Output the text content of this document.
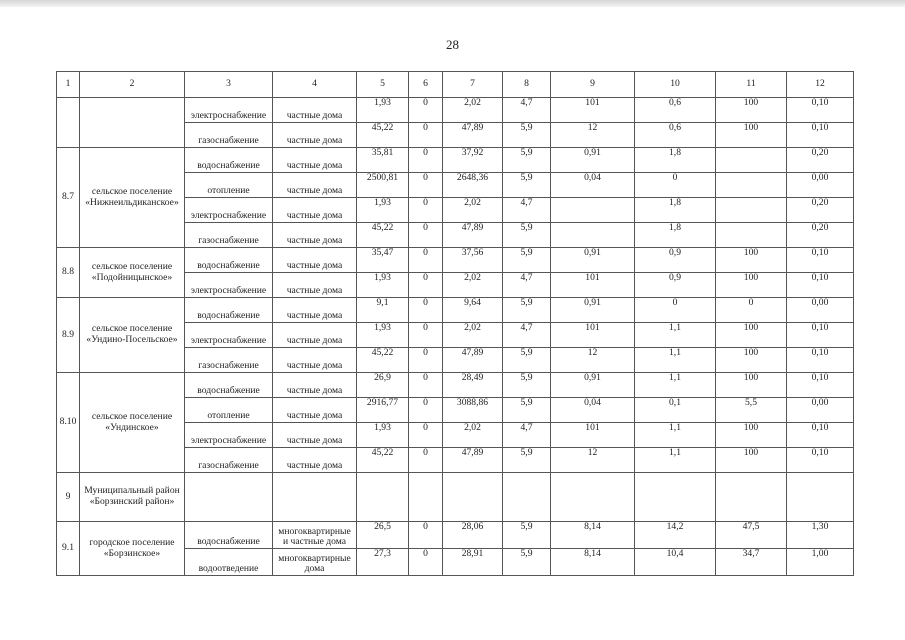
28
1	2	3	4	5	6	7	8	9	10	11	12
		электроснабжение	частные дома	1,93	0	2,02	4,7	101	0,6	100	0,10
		газоснабжение	частные дома	45,22	0	47,89	5,9	12	0,6	100	0,10
8.7	сельское поселение «Нижнеильдиканское»	водоснабжение	частные дома	35,81	0	37,92	5,9	0,91	1,8		0,20
		отопление	частные дома	2500,81	0	2648,36	5,9	0,04	0		0,00
		электроснабжение	частные дома	1,93	0	2,02	4,7		1,8		0,20
		газоснабжение	частные дома	45,22	0	47,89	5,9		1,8		0,20
8.8	сельское поселение «Подойницынское»	водоснабжение	частные дома	35,47	0	37,56	5,9	0,91	0,9	100	0,10
		электроснабжение	частные дома	1,93	0	2,02	4,7	101	0,9	100	0,10
8.9	сельское поселение «Ундино-Посельское»	водоснабжение	частные дома	9,1	0	9,64	5,9	0,91	0	0	0,00
		электроснабжение	частные дома	1,93	0	2,02	4,7	101	1,1	100	0,10
		газоснабжение	частные дома	45,22	0	47,89	5,9	12	1,1	100	0,10
8.10	сельское поселение «Ундинское»	водоснабжение	частные дома	26,9	0	28,49	5,9	0,91	1,1	100	0,10
		отопление	частные дома	2916,77	0	3088,86	5,9	0,04	0,1	5,5	0,00
		электроснабжение	частные дома	1,93	0	2,02	4,7	101	1,1	100	0,10
		газоснабжение	частные дома	45,22	0	47,89	5,9	12	1,1	100	0,10
9	Муниципальный район «Борзинский район»										
9.1	городское поселение «Борзинское»	водоснабжение	многоквартирные и частные дома	26,5	0	28,06	5,9	8,14	14,2	47,5	1,30
		водоотведение	многоквартирные дома	27,3	0	28,91	5,9	8,14	10,4	34,7	1,00
